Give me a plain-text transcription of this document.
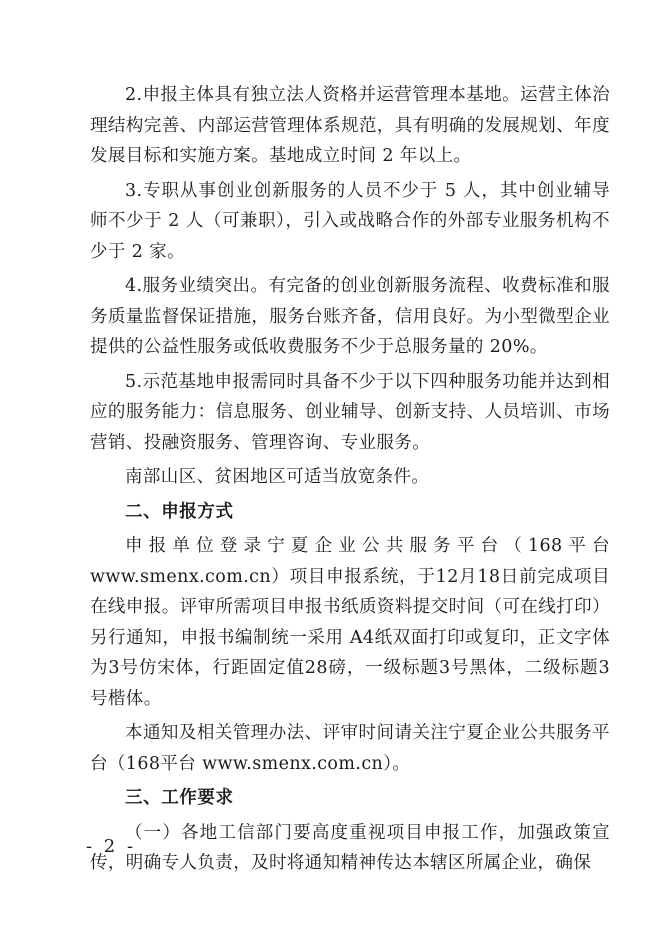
2.申报主体具有独立法人资格并运营管理本基地。运营主体治理结构完善、内部运营管理体系规范，具有明确的发展规划、年度发展目标和实施方案。基地成立时间 2 年以上。

3.专职从事创业创新服务的人员不少于 5 人，其中创业辅导师不少于 2 人（可兼职），引入或战略合作的外部专业服务机构不少于 2 家。

4.服务业绩突出。有完备的创业创新服务流程、收费标准和服务质量监督保证措施，服务台账齐备，信用良好。为小型微型企业提供的公益性服务或低收费服务不少于总服务量的 20%。

5.示范基地申报需同时具备不少于以下四种服务功能并达到相应的服务能力：信息服务、创业辅导、创新支持、人员培训、市场营销、投融资服务、管理咨询、专业服务。

南部山区、贫困地区可适当放宽条件。

二、申报方式

申报单位登录宁夏企业公共服务平台（168平台 www.smenx.com.cn）项目申报系统，于12月18日前完成项目在线申报。评审所需项目申报书纸质资料提交时间（可在线打印）另行通知，申报书编制统一采用 A4纸双面打印或复印，正文字体为3号仿宋体，行距固定值28磅，一级标题3号黑体，二级标题3号楷体。

本通知及相关管理办法、评审时间请关注宁夏企业公共服务平台（168平台 www.smenx.com.cn）。

三、工作要求

（一）各地工信部门要高度重视项目申报工作，加强政策宣传，明确专人负责，及时将通知精神传达本辖区所属企业，确保

- 2 -
